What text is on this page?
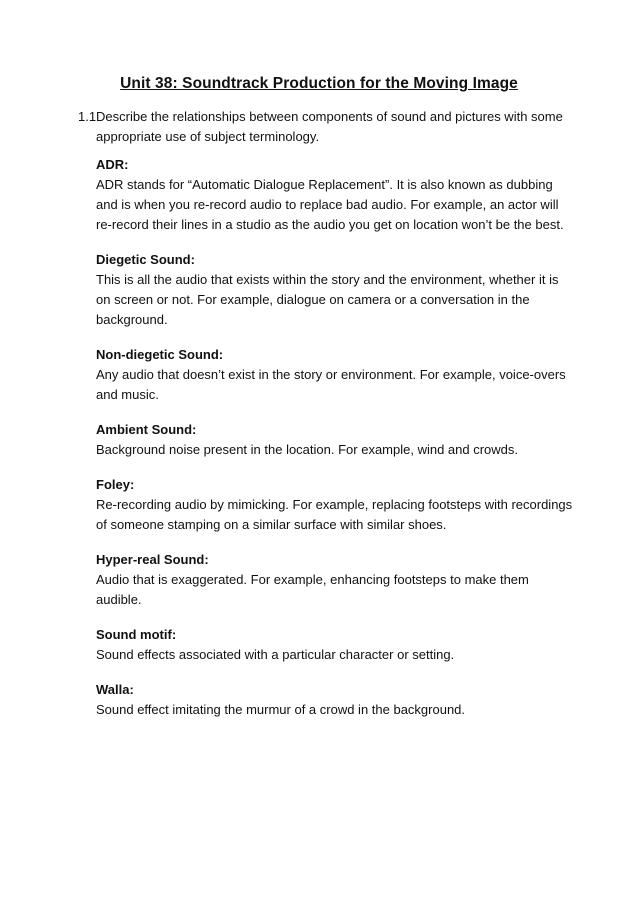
Unit 38: Soundtrack Production for the Moving Image
1.1 Describe the relationships between components of sound and pictures with some appropriate use of subject terminology.
ADR:
ADR stands for “Automatic Dialogue Replacement”. It is also known as dubbing and is when you re-record audio to replace bad audio. For example, an actor will re-record their lines in a studio as the audio you get on location won’t be the best.
Diegetic Sound:
This is all the audio that exists within the story and the environment, whether it is on screen or not. For example, dialogue on camera or a conversation in the background.
Non-diegetic Sound:
Any audio that doesn’t exist in the story or environment. For example, voice-overs and music.
Ambient Sound:
Background noise present in the location. For example, wind and crowds.
Foley:
Re-recording audio by mimicking. For example, replacing footsteps with recordings of someone stamping on a similar surface with similar shoes.
Hyper-real Sound:
Audio that is exaggerated. For example, enhancing footsteps to make them audible.
Sound motif:
Sound effects associated with a particular character or setting.
Walla:
Sound effect imitating the murmur of a crowd in the background.
